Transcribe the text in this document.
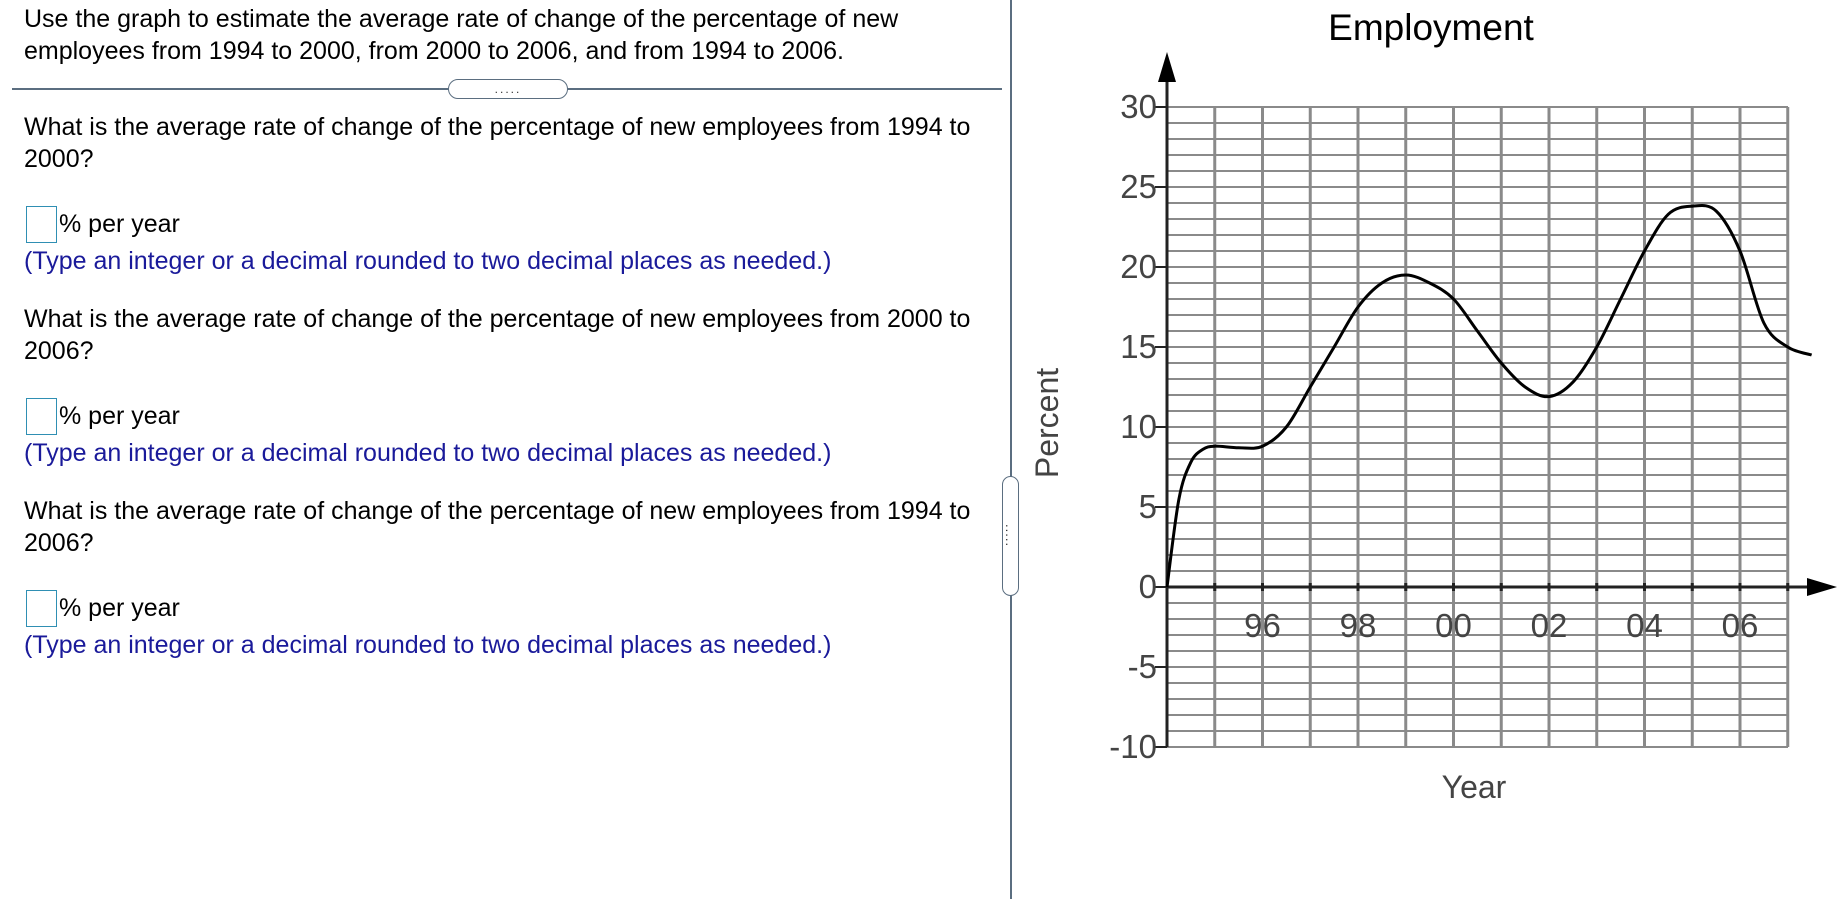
Use the graph to estimate the average rate of change of the percentage of new employees from 1994 to 2000, from 2000 to 2006, and from 1994 to 2006.
.....
What is the average rate of change of the percentage of new employees from 1994 to 2000?
% per year
(Type an integer or a decimal rounded to two decimal places as needed.)
What is the average rate of change of the percentage of new employees from 2000 to 2006?
% per year
(Type an integer or a decimal rounded to two decimal places as needed.)
What is the average rate of change of the percentage of new employees from 1994 to 2006?
% per year
(Type an integer or a decimal rounded to two decimal places as needed.)
.....
-10
-5
0
5
10
15
20
25
30
96 98 00 02 04 06
Employment
Year
Percent
